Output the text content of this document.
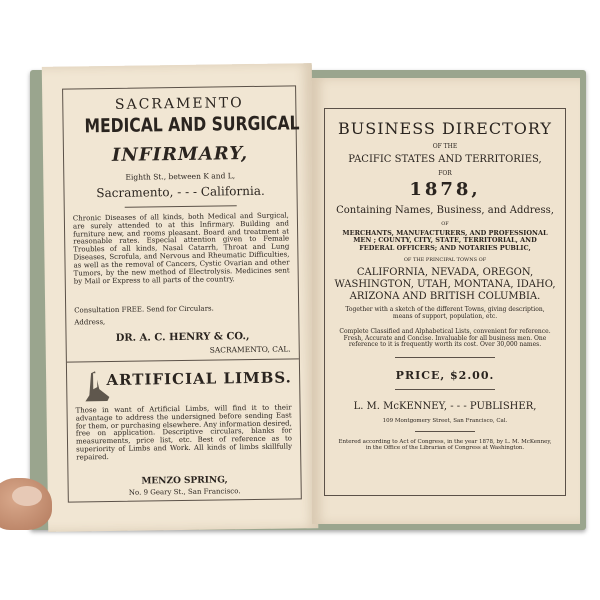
SACRAMENTO
MEDICAL AND SURGICAL
INFIRMARY,
Eighth St., between K and L,
Sacramento, - - - California.
Chronic Diseases of all kinds, both Medical and Surgical, are surely attended to at this Infirmary. Building and furniture new, and rooms pleasant. Board and treatment at reasonable rates. Especial attention given to Female Troubles of all kinds, Nasal Catarrh, Throat and Lung Diseases, Scrofula, and Nervous and Rheumatic Difficulties, as well as the removal of Cancers, Cystic Ovarian and other Tumors, by the new method of Electrolysis. Medicines sent by Mail or Express to all parts of the country.
Consultation FREE. Send for Circulars.
Address,
DR. A. C. HENRY & CO.,
SACRAMENTO, CAL.
ARTIFICIAL LIMBS.
Those in want of Artificial Limbs, will find it to their advantage to address the undersigned before sending East for them, or purchasing elsewhere. Any information desired, free on application. Descriptive circulars, blanks for measurements, price list, etc. Best of reference as to superiority of Limbs and Work. All kinds of limbs skillfully repaired.
MENZO SPRING,
No. 9 Geary St., San Francisco.
BUSINESS DIRECTORY
OF THE
PACIFIC STATES AND TERRITORIES,
FOR
1878,
Containing Names, Business, and Address,
OF
MERCHANTS, MANUFACTURERS, AND PROFESSIONAL MEN ; COUNTY, CITY, STATE, TERRITORIAL, AND FEDERAL OFFICERS; AND NOTARIES PUBLIC,
OF THE PRINCIPAL TOWNS OF
CALIFORNIA, NEVADA, OREGON, WASHINGTON, UTAH, MONTANA, IDAHO, ARIZONA AND BRITISH COLUMBIA.
Together with a sketch of the different Towns, giving description, means of support, population, etc.
Complete Classified and Alphabetical Lists, convenient for reference. Fresh, Accurate and Concise. Invaluable for all business men. One reference to it is frequently worth its cost. Over 30,000 names.
PRICE, $2.00.
L. M. McKENNEY, - - - PUBLISHER,
109 Montgomery Street, San Francisco, Cal.
Entered according to Act of Congress, in the year 1878, by L. M. McKenney, in the Office of the Librarian of Congress at Washington.
